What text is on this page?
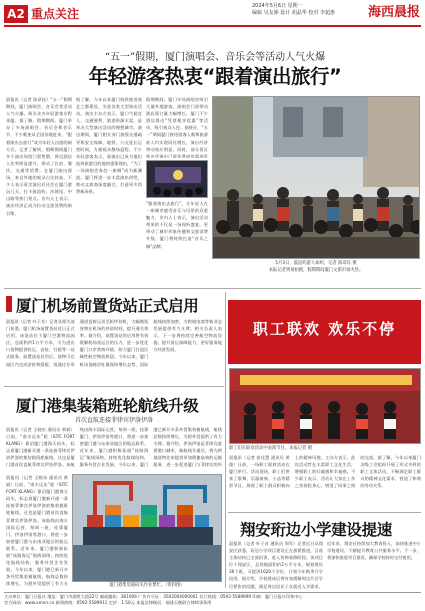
A2 重点关注
2024年5月6日 星期一
编辑 吴友娣 设计 胡晶华 校对 李超惠	海西晨报
“五一”假期，厦门演唱会、音乐会等活动人气火爆
年轻游客热衷“跟着演出旅行”
晨报讯（记者 陈章钰）“五一”假期期间，厦门演唱会、音乐会等活动人气火爆，吸引众多年轻游客专程来厦。据了解，假期期间，厦门举办了多场演唱会、音乐会和音乐节，不少歌迷从全国各地赶来，“跟着演出去旅行”成为年轻人出游的新方式。记者了解到，假期期间厦门多个演出场馆门票售罄，周边酒店入住率明显提升，带动了住宿、餐饮、交通等消费。在厦门演出现场，来自外地的观众占比较高，不少人表示看完演出后还会在厦门游玩几天，打卡鼓浪屿、沙坡尾、中山路等热门景点。业内人士表示，演出经济正成为拉动文旅消费的新引擎。
据了解，今年以来厦门持续推进演艺之都建设，引进各类大型演出活动。演出主办方表示，厦门气候宜人、交通便利、旅游资源丰富，是举办大型演出活动的理想城市。演出期间，厦门相关部门加强交通疏导和安全保障，地铁、公交延长运营时间，方便观众散场返程。不少年轻游客表示，看演出已成为他们选择旅游目的地的重要理由，“为了一场演唱会奔赴一座城”成为新潮流。厦门将进一步丰富演出供给，推动文旅商深度融合，打造更多消费新场景。
假期期间，厦门多场演唱会吸引大量外地游客，演唱会门票带动酒店预订量大幅增长。厦门不少酒店推出“凭票根享优惠”等活动，吸引观众入住。据统计，“五一”期间厦门接待游客人数和旅游收入均实现同比增长，演出经济带动效应明显。同时，部分景区推出凭演出门票免费或优惠游览
“跟着演出去旅行”，让年轻人在一座城市感受音乐与风景的双重魅力。业内人士表示，演出活动带来的不仅是一场视听盛宴，更带动了城市形象传播和文旅消费升级，厦门将持续打造“音乐之城”品牌。
5月3日，鼓浪屿游人如织，记者 陈章钰 摄
本报记者到场拍摄，假期期间厦门文旅市场火热。
厦门机场前置货站正式启用
晨报讯（记者 叶子音）记者从相关部门获悉，厦门机场前置货站近日正式启用。该货站位于厦门空港物流园区，总面积约1万平方米，可为进出口货物提供收运、安检、打板等一站式服务。前置货站启用后，货物可在园区内完成安检和组板，再通过专用通道直接运送至机坪装机，大幅缩短货物在机场的停留时间，提升通关效率。据介绍，前置货站的启用将有效缓解机场货运区的压力，进一步优化厦门口岸营商环境，助力厦门打造区域性航空物流枢纽。今年以来，厦门机场货邮吞吐量保持增长态势，国际航线持续加密，为跨境电商等新业态发展提供有力支撑。相关负责人表示，下一步将持续完善航空物流设施，提升货运保障能力，更好服务地方经济发展。
厦门港集装箱班轮航线升级
首次直航连接菲律宾伊洛伊洛
晨报讯（记者 王晓东 通讯员 黄斌）日前，“南丰远东”轮（SITC FORT KLANG）靠泊厦门港海天码头，标志着厦门港新开通一条连接菲律宾伊洛伊洛的集装箱班轮航线，这也是厦门港首次直航菲律宾伊洛伊洛。该航线由海丰国际运营，每周一班，挂靠厦门、伊洛伊洛等港口，将进一步加密厦门港与东南亚地区的航运联系。近年来，厦门港积极拓展“丝路海运”航线网络，持续优化航线结构，服务外贸企业发展。今年以来，厦门港已新开多条外贸集装箱航线，航线总数持续增长，为稳外贸提供了有力支撑。据介绍，伊洛伊洛是菲律宾重要港口城市，新航线开通后，将为两地货物往来提供更加便捷高效的运输服务，进一步促进厦门与菲律宾的经
晨报讯（记者 王晓东 通讯员 黄斌）日前，“南丰远东”轮（SITC FORT KLANG）靠泊厦门港海天码头，标志着厦门港新开通一条连接菲律宾伊洛伊洛的集装箱班轮航线，这也是厦门港首次直航菲律宾伊洛伊洛。该航线由海丰国际运营，每周一班，挂靠厦门、伊洛伊洛等港口，将进一步加密厦门港与东南亚地区的航运联系。近年来，厦门港积极拓展“丝路海运”航线网络，持续优化航线结构，服务外贸企业发展。今年以来，厦门港已新开多条外贸集装箱航线，航线总数持续增长，为稳外贸提供了有力支	厦门港集装箱码头作业繁忙。（资料图）
职工联欢 欢乐不停
职工们在联欢活动中表演节目。本报记者 摄
晨报讯（记者 彭佳慧 通讯员 黄俊）日前，一场职工联欢活动在厦门举行。活动现场，职工们带来了歌舞、乐器演奏、小品等精彩节目，展现了职工群众积极向上的精神风貌。主办方表示，此次活动旨在丰富职工文化生活，增强职工的归属感和幸福感。不少职工表示，活动让大家在工作之余放松身心，增进了同事之间的交流。据了解，今年以来厦门各级工会组织开展了形式多样的职工文体活动，不断满足职工群众的精神文化需求，营造了和谐的劳动关系。
翔安珩边小学建设提速
晨报讯（记者 叶子音 通讯员 周军）记者近日从翔安区获悉，珩边小学项目建设正在加紧推进，目前主体结构已全部封顶，进入装饰装修阶段。该项目位于翔安区，总用地面积约2万平方米，规划建设36个班，可提供1620个学位，计划今年秋季开学投用。据介绍，学校建成后将有效缓解周边片区学位紧张的问题，满足周边居民子女就近入学需求，
近年来，翔安区持续加大教育投入，加快推进中小学校建设，不断提升教育公共服务水平。下一步，将加快推进项目建设，确保学校按时交付使用。
主办单位：厦门日报社 地址：厦门市湖里大道22号 邮政编码：361006 广告许可证：3502004000001 发行热线：0592-5589999 印刷：厦门日报社印务中心
官方网站：www.xmnn.cn 新闻热线：0592-5589911 定价：1.50元 本报法律顾问：福建天衡联合律师事务所
